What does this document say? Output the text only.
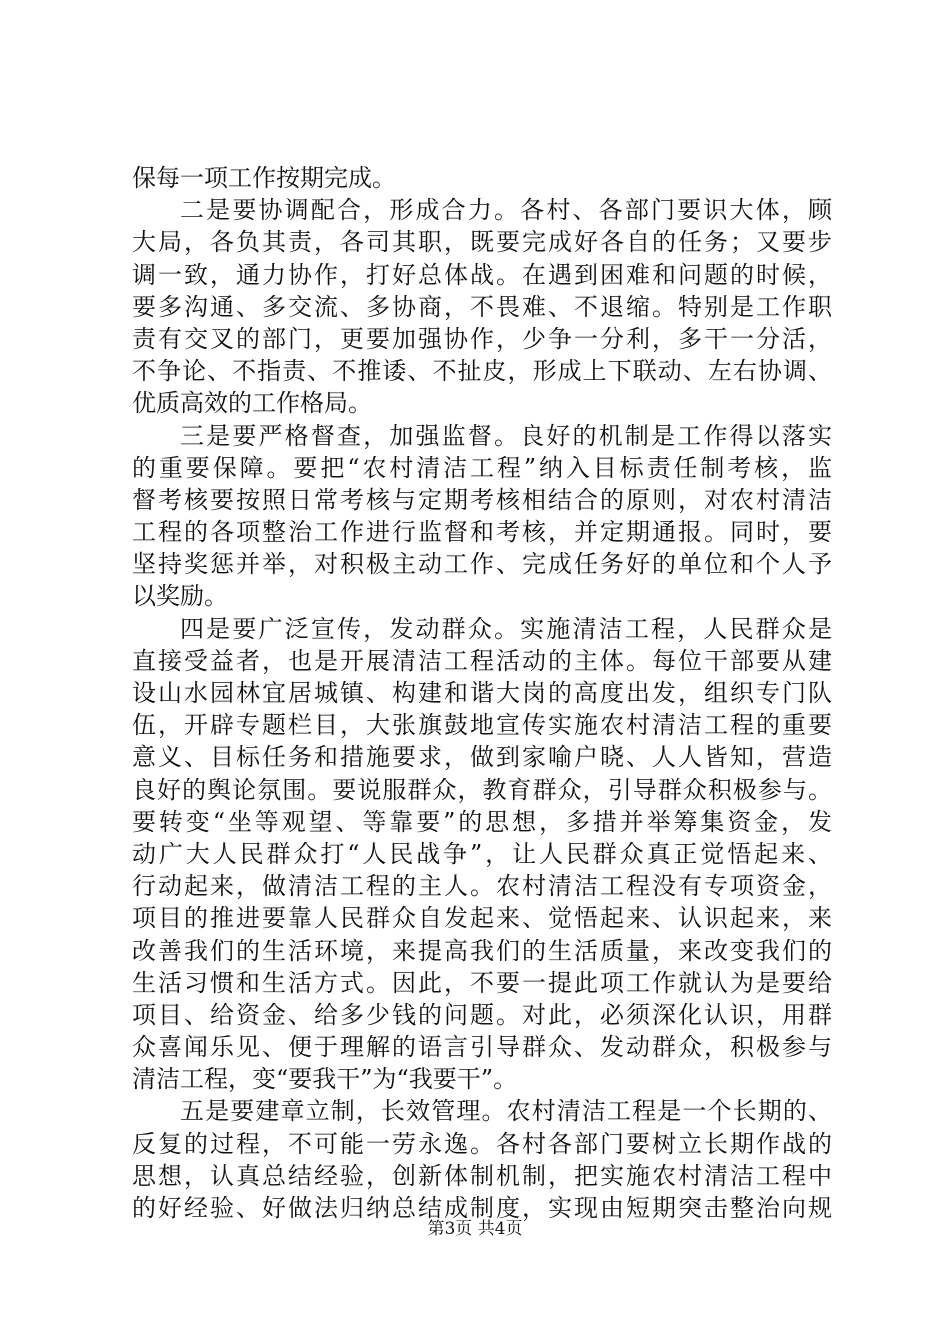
保每一项工作按期完成。
二是要协调配合，形成合力。各村、各部门要识大体，顾
大局，各负其责，各司其职，既要完成好各自的任务；又要步
调一致，通力协作，打好总体战。在遇到困难和问题的时候，
要多沟通、多交流、多协商，不畏难、不退缩。特别是工作职
责有交叉的部门，更要加强协作，少争一分利，多干一分活，
不争论、不指责、不推诿、不扯皮，形成上下联动、左右协调、
优质高效的工作格局。
三是要严格督查，加强监督。良好的机制是工作得以落实
的重要保障。要把“农村清洁工程”纳入目标责任制考核，监
督考核要按照日常考核与定期考核相结合的原则，对农村清洁
工程的各项整治工作进行监督和考核，并定期通报。同时，要
坚持奖惩并举，对积极主动工作、完成任务好的单位和个人予
以奖励。
四是要广泛宣传，发动群众。实施清洁工程，人民群众是
直接受益者，也是开展清洁工程活动的主体。每位干部要从建
设山水园林宜居城镇、构建和谐大岗的高度出发，组织专门队
伍，开辟专题栏目，大张旗鼓地宣传实施农村清洁工程的重要
意义、目标任务和措施要求，做到家喻户晓、人人皆知，营造
良好的舆论氛围。要说服群众，教育群众，引导群众积极参与。
要转变“坐等观望、等靠要”的思想，多措并举筹集资金，发
动广大人民群众打“人民战争”，让人民群众真正觉悟起来、
行动起来，做清洁工程的主人。农村清洁工程没有专项资金，
项目的推进要靠人民群众自发起来、觉悟起来、认识起来，来
改善我们的生活环境，来提高我们的生活质量，来改变我们的
生活习惯和生活方式。因此，不要一提此项工作就认为是要给
项目、给资金、给多少钱的问题。对此，必须深化认识，用群
众喜闻乐见、便于理解的语言引导群众、发动群众，积极参与
清洁工程，变“要我干”为“我要干”。
五是要建章立制，长效管理。农村清洁工程是一个长期的、
反复的过程，不可能一劳永逸。各村各部门要树立长期作战的
思想，认真总结经验，创新体制机制，把实施农村清洁工程中
的好经验、好做法归纳总结成制度，实现由短期突击整治向规
第3页 共4页
